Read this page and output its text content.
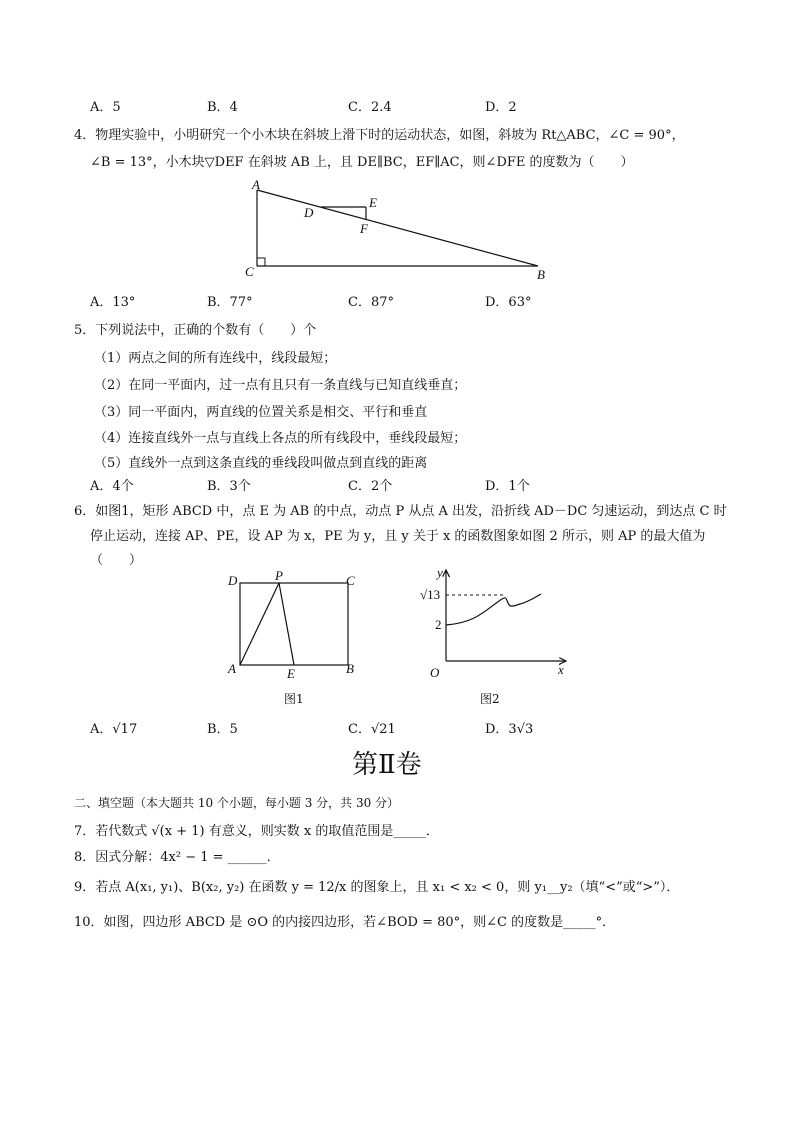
A．5	B．4	C．2.4	D．2
4．物理实验中，小明研究一个小木块在斜坡上滑下时的运动状态，如图，斜坡为 Rt△ABC，∠C = 90°，
∠B = 13°，小木块▽DEF 在斜坡 AB 上，且 DE∥BC，EF∥AC，则∠DFE 的度数为（　　）
A
C	B
D
E
F
A．13°	B．77°	C．87°	D．63°
5．下列说法中，正确的个数有（　　）个
（1）两点之间的所有连线中，线段最短；
（2）在同一平面内，过一点有且只有一条直线与已知直线垂直；
（3）同一平面内，两直线的位置关系是相交、平行和垂直
（4）连接直线外一点与直线上各点的所有线段中，垂线段最短；
（5）直线外一点到这条直线的垂线段叫做点到直线的距离
A．4个	B．3个	C．2个	D．1个
6．如图1，矩形 ABCD 中，点 E 为 AB 的中点，动点 P 从点 A 出发，沿折线 AD－DC 匀速运动，到达点 C 时
停止运动，连接 AP、PE，设 AP 为 x，PE 为 y，且 y 关于 x 的函数图象如图 2 所示，则 AP 的最大值为
（　　）
D	P	C
A	E	B
图1
y
x
O
√13
2
图2
A．√17	B．5	C．√21	D．3√3
第Ⅱ卷
二、填空题（本大题共 10 个小题，每小题 3 分，共 30 分）
7．若代数式 √(x + 1) 有意义，则实数 x 的取值范围是_____．
8．因式分解：4x² − 1 = ______．
9．若点 A(x₁, y₁)、B(x₂, y₂) 在函数 y = 12/x 的图象上，且 x₁ < x₂ < 0，则 y₁__y₂（填“<”或“>”）．
10．如图，四边形 ABCD 是 ⊙O 的内接四边形，若∠BOD = 80°，则∠C 的度数是_____°．
